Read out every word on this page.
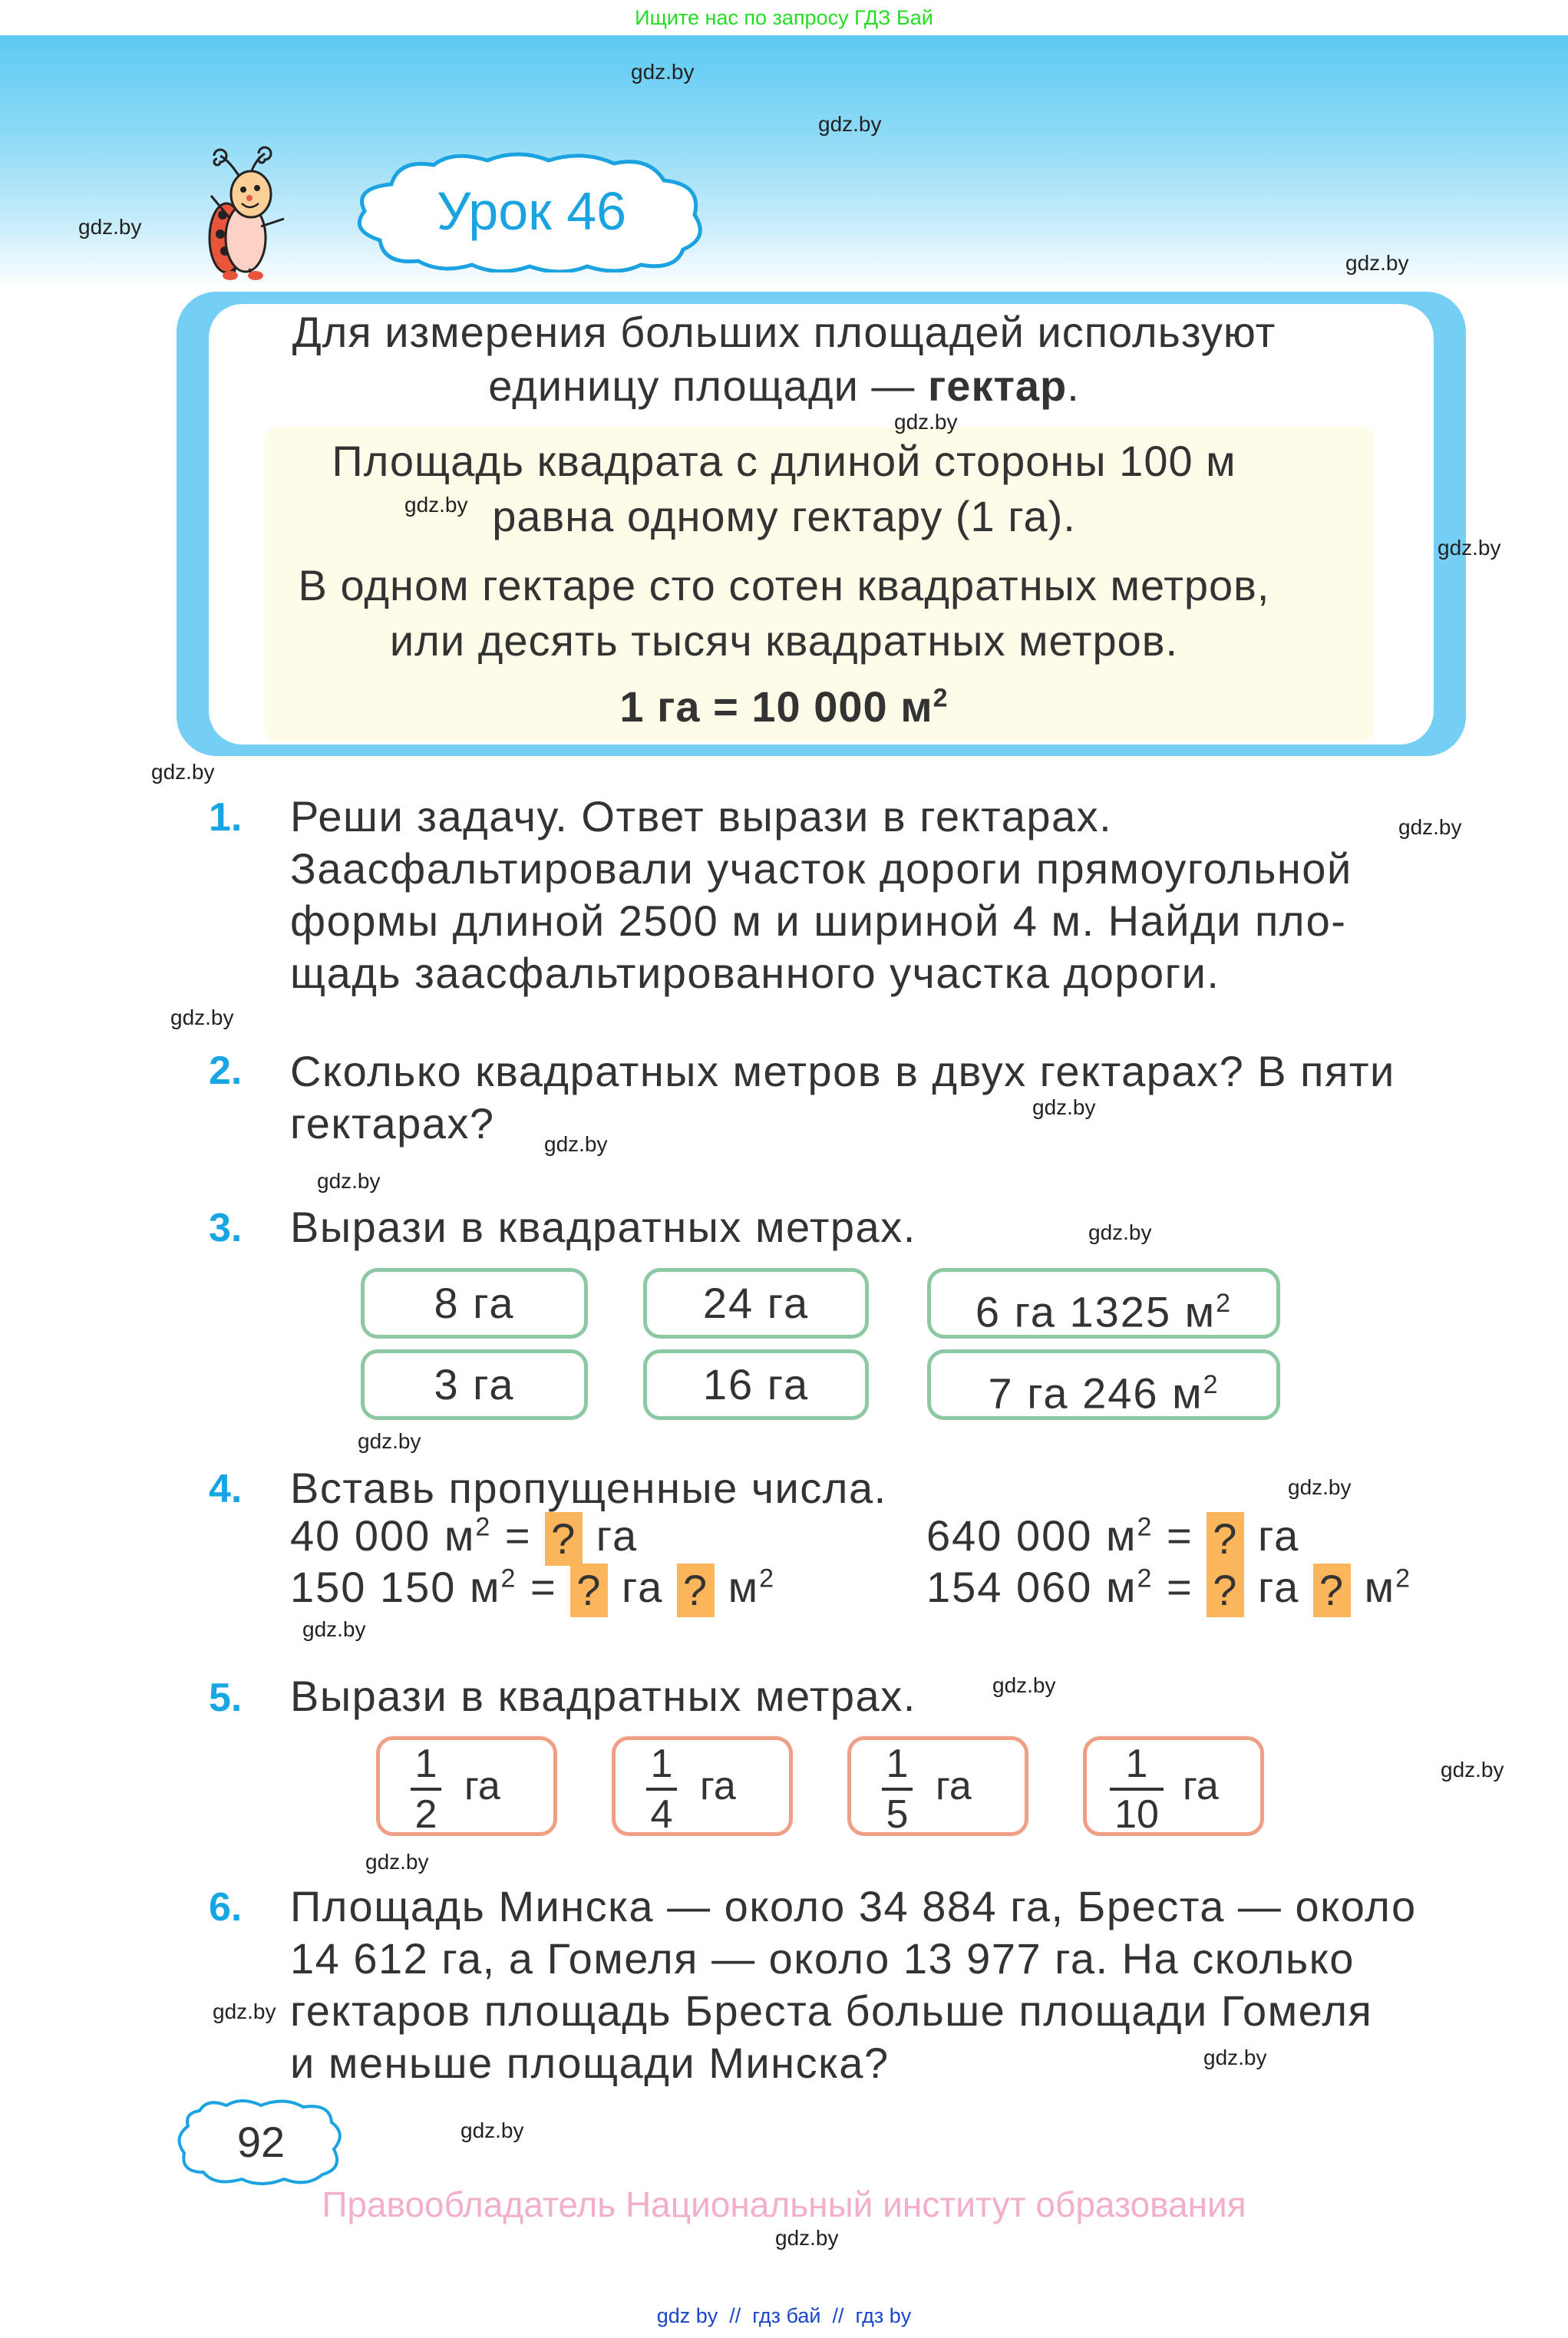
Ищите нас по запросу ГДЗ Бай
Урок 46
gdz.by
gdz.by
gdz.by
gdz.by
Для измерения больших площадей используют
единицу площади — гектар.
gdz.by
Площадь квадрата с длиной стороны 100 м
gdz.by равна одному гектару (1 га).
gdz.by
В одном гектаре сто сотен квадратных метров,
или десять тысяч квадратных метров.
1 га = 10 000 $м^2$
gdz.by
1.	gdz.by
Реши задачу. Ответ вырази в гектарах.
Заасфальтировали участок дороги прямоугольной
формы длиной 2500 м и шириной 4 м. Найди пло-
щадь заасфальтированного участка дороги.
gdz.by
2. Сколько квадратных метров в двух гектарах? В пяти
гектарах?	gdz.by
gdz.by
gdz.by
3. Вырази в квадратных метрах.	gdz.by
8 га	24 га	6 га 1325 $м^2$
3 га	16 га	7 га 246 $м^2$
gdz.by
4. Вставь пропущенные числа.	gdz.by
40 000 $м^2$ = ? га	640 000 $м^2$ = ? га
150 150 $м^2$ = ? га ? $м^2$	154 060 $м^2$ = ? га ? $м^2$
gdz.by
5. Вырази в квадратных метрах.	gdz.by
1
2
га	1
4
га	1
5
га	1
10
га	gdz.by
gdz.by
6. Площадь Минска — около 34 884 га, Бреста — около
14 612 га, а Гомеля — около 13 977 га. На сколько
гектаров площадь Бреста больше площади Гомеля
и меньше площади Минска?
gdz.by
gdz.by
92	gdz.by
Правообладатель Национальный институт образования
gdz.by
gdz by  //  гдз бай  //  гдз by
